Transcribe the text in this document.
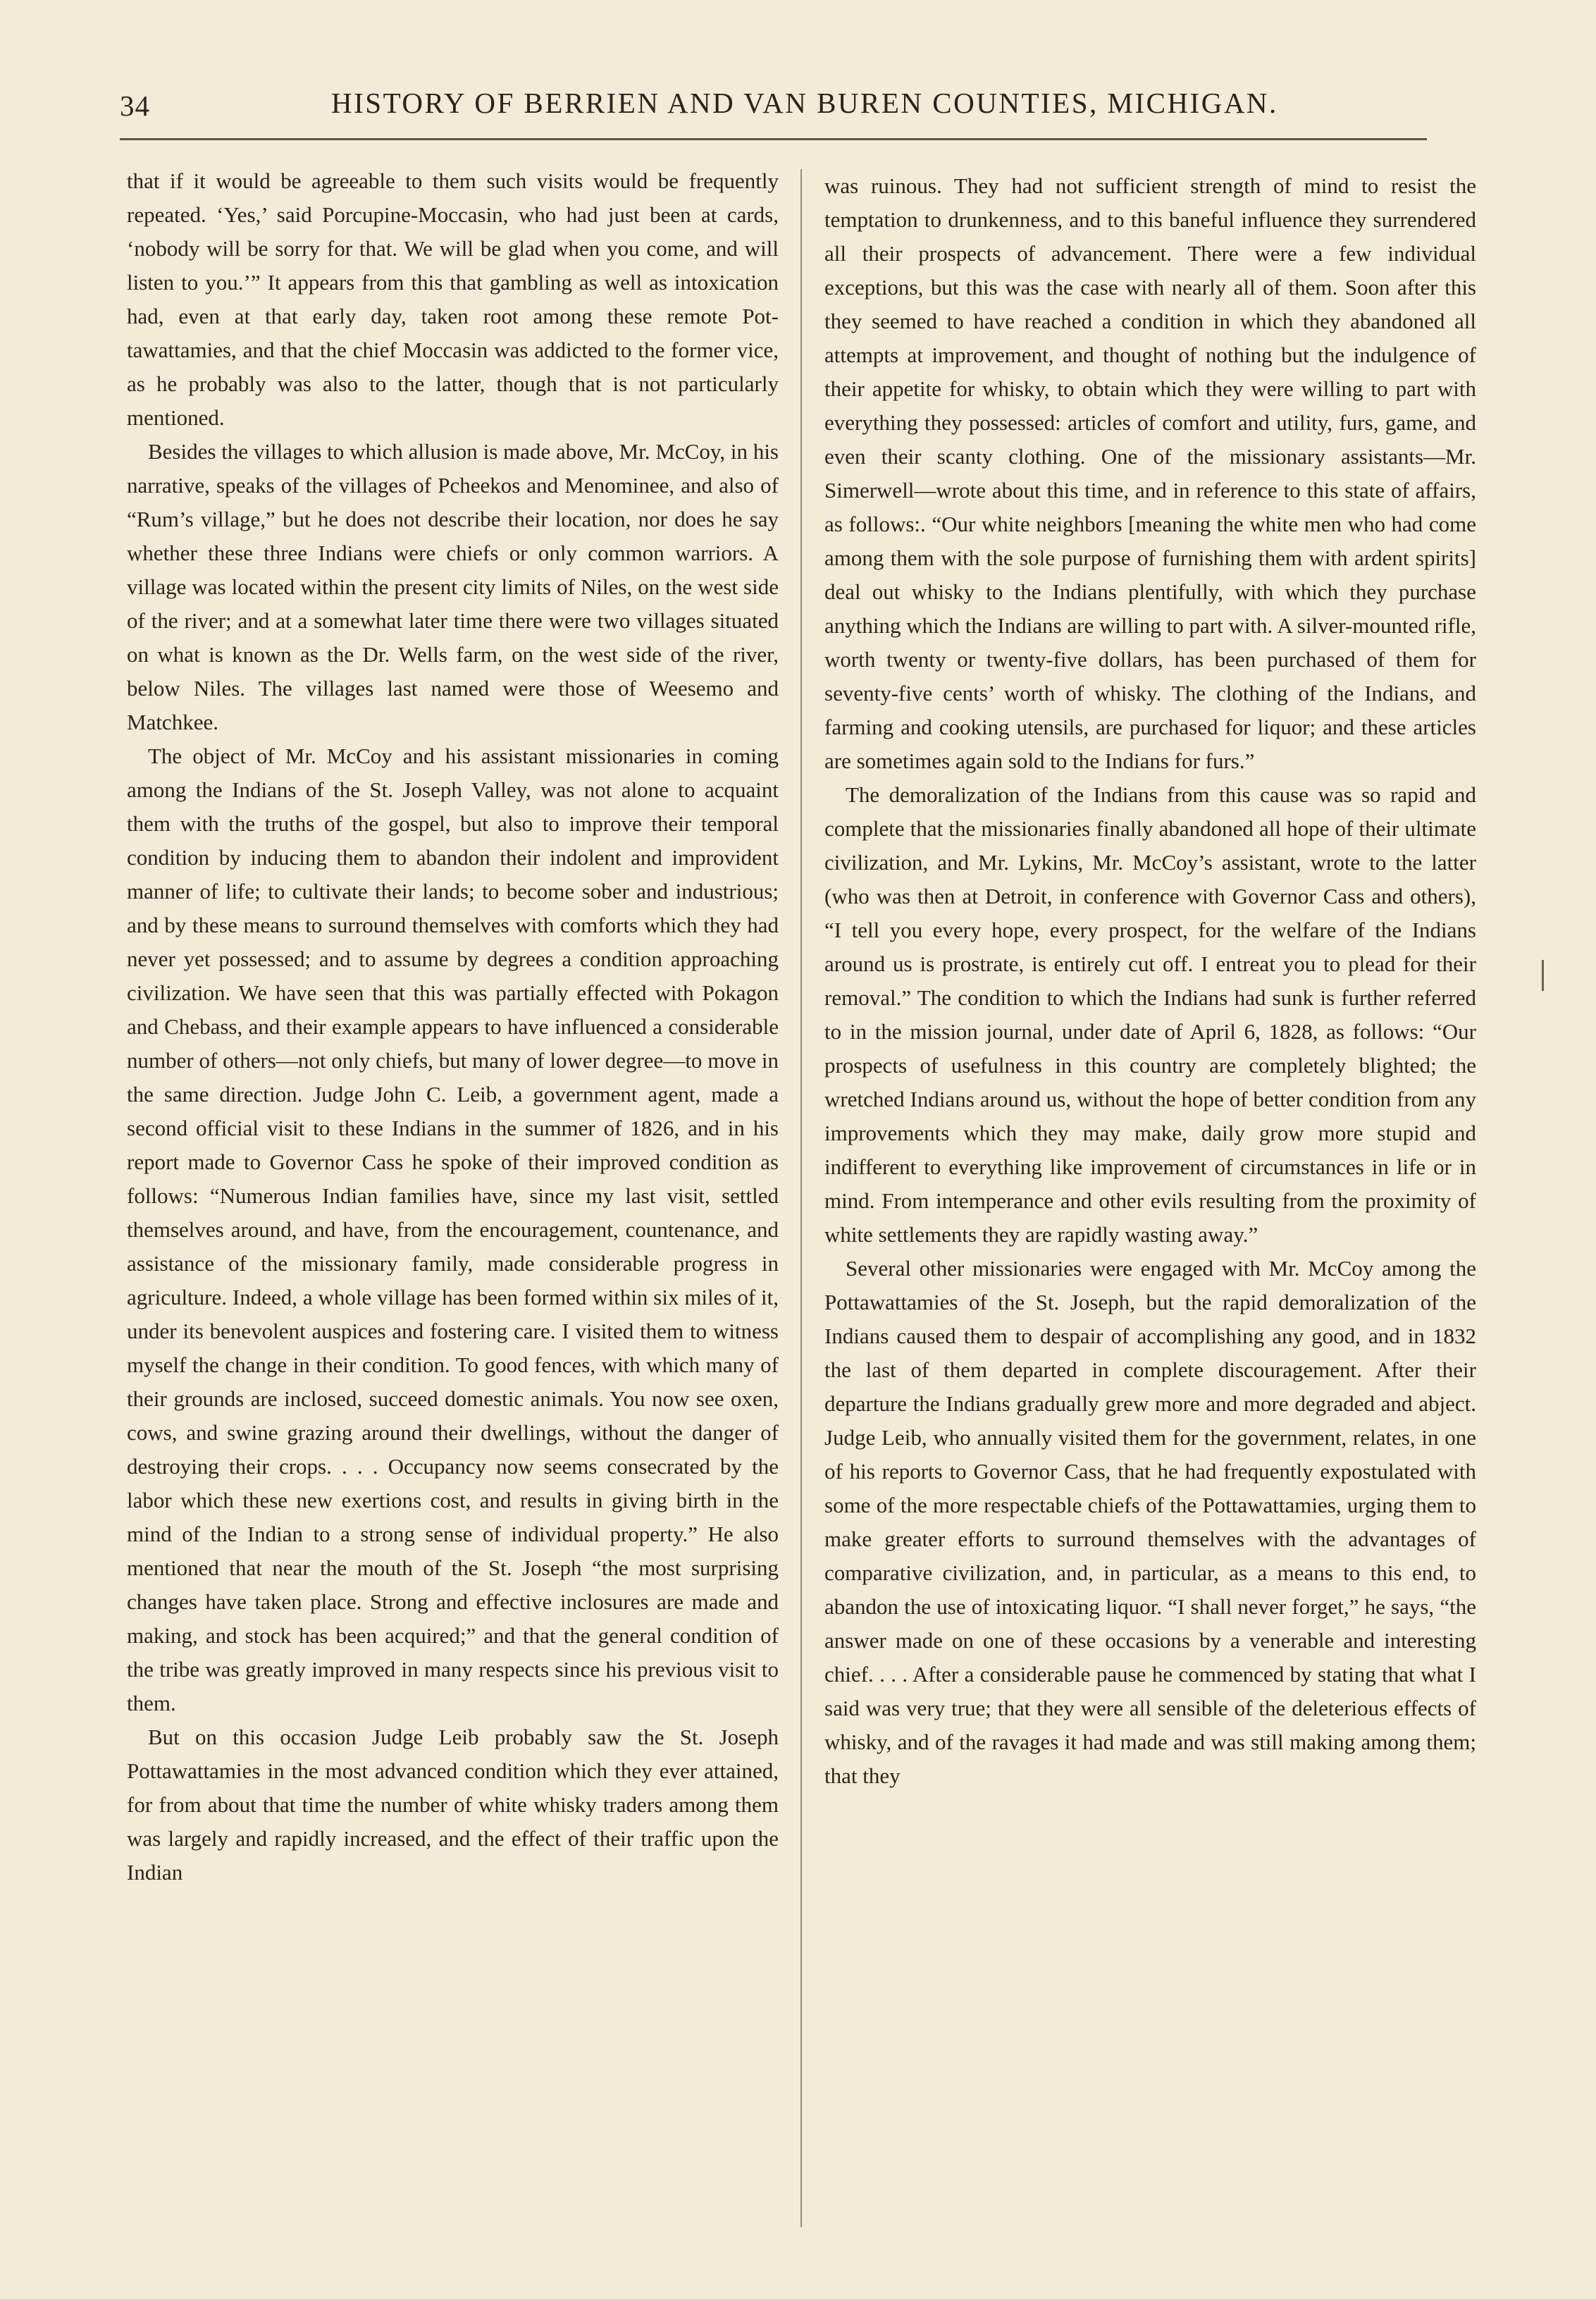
34	HISTORY OF BERRIEN AND VAN BUREN COUNTIES, MICHIGAN.

that if it would be agreeable to them such visits would be frequently repeated. ‘Yes,’ said Porcupine-Moccasin, who had just been at cards, ‘nobody will be sorry for that. We will be glad when you come, and will listen to you.’” It appears from this that gambling as well as intoxication had, even at that early day, taken root among these remote Pot-tawattamies, and that the chief Moccasin was addicted to the former vice, as he probably was also to the latter, though that is not particularly mentioned.

Besides the villages to which allusion is made above, Mr. McCoy, in his narrative, speaks of the villages of Pcheekos and Menominee, and also of “Rum’s village,” but he does not describe their location, nor does he say whether these three Indians were chiefs or only common warriors. A village was located within the present city limits of Niles, on the west side of the river; and at a somewhat later time there were two villages situated on what is known as the Dr. Wells farm, on the west side of the river, below Niles. The villages last named were those of Weesemo and Matchkee.

The object of Mr. McCoy and his assistant missionaries in coming among the Indians of the St. Joseph Valley, was not alone to acquaint them with the truths of the gospel, but also to improve their temporal condition by inducing them to abandon their indolent and improvident manner of life; to cultivate their lands; to become sober and industrious; and by these means to surround themselves with comforts which they had never yet possessed; and to assume by degrees a condition approaching civilization. We have seen that this was partially effected with Pokagon and Chebass, and their example appears to have influenced a considerable number of others—not only chiefs, but many of lower degree—to move in the same direction. Judge John C. Leib, a government agent, made a second official visit to these Indians in the summer of 1826, and in his report made to Governor Cass he spoke of their improved condition as follows: “Numerous Indian families have, since my last visit, settled themselves around, and have, from the encouragement, countenance, and assistance of the missionary family, made considerable progress in agriculture. Indeed, a whole village has been formed within six miles of it, under its benevolent auspices and fostering care. I visited them to witness myself the change in their condition. To good fences, with which many of their grounds are inclosed, succeed domestic animals. You now see oxen, cows, and swine grazing around their dwellings, without the danger of destroying their crops. . . . Occupancy now seems consecrated by the labor which these new exertions cost, and results in giving birth in the mind of the Indian to a strong sense of individual property.” He also mentioned that near the mouth of the St. Joseph “the most surprising changes have taken place. Strong and effective inclosures are made and making, and stock has been acquired;” and that the general condition of the tribe was greatly improved in many respects since his previous visit to them.

But on this occasion Judge Leib probably saw the St. Joseph Pottawattamies in the most advanced condition which they ever attained, for from about that time the number of white whisky traders among them was largely and rapidly increased, and the effect of their traffic upon the Indian

was ruinous. They had not sufficient strength of mind to resist the temptation to drunkenness, and to this baneful influence they surrendered all their prospects of advancement. There were a few individual exceptions, but this was the case with nearly all of them. Soon after this they seemed to have reached a condition in which they abandoned all attempts at improvement, and thought of nothing but the indulgence of their appetite for whisky, to obtain which they were willing to part with everything they possessed: articles of comfort and utility, furs, game, and even their scanty clothing. One of the missionary assistants—Mr. Simerwell—wrote about this time, and in reference to this state of affairs, as follows:. “Our white neighbors [meaning the white men who had come among them with the sole purpose of furnishing them with ardent spirits] deal out whisky to the Indians plentifully, with which they purchase anything which the Indians are willing to part with. A silver-mounted rifle, worth twenty or twenty-five dollars, has been purchased of them for seventy-five cents’ worth of whisky. The clothing of the Indians, and farming and cooking utensils, are purchased for liquor; and these articles are sometimes again sold to the Indians for furs.”

The demoralization of the Indians from this cause was so rapid and complete that the missionaries finally abandoned all hope of their ultimate civilization, and Mr. Lykins, Mr. McCoy’s assistant, wrote to the latter (who was then at Detroit, in conference with Governor Cass and others), “I tell you every hope, every prospect, for the welfare of the Indians around us is prostrate, is entirely cut off. I entreat you to plead for their removal.” The condition to which the Indians had sunk is further referred to in the mission journal, under date of April 6, 1828, as follows: “Our prospects of usefulness in this country are completely blighted; the wretched Indians around us, without the hope of better condition from any improvements which they may make, daily grow more stupid and indifferent to everything like improvement of circumstances in life or in mind. From intemperance and other evils resulting from the proximity of white settlements they are rapidly wasting away.”

Several other missionaries were engaged with Mr. McCoy among the Pottawattamies of the St. Joseph, but the rapid demoralization of the Indians caused them to despair of accomplishing any good, and in 1832 the last of them departed in complete discouragement. After their departure the Indians gradually grew more and more degraded and abject. Judge Leib, who annually visited them for the government, relates, in one of his reports to Governor Cass, that he had frequently expostulated with some of the more respectable chiefs of the Pottawattamies, urging them to make greater efforts to surround themselves with the advantages of comparative civilization, and, in particular, as a means to this end, to abandon the use of intoxicating liquor. “I shall never forget,” he says, “the answer made on one of these occasions by a venerable and interesting chief. . . . After a considerable pause he commenced by stating that what I said was very true; that they were all sensible of the deleterious effects of whisky, and of the ravages it had made and was still making among them; that they
